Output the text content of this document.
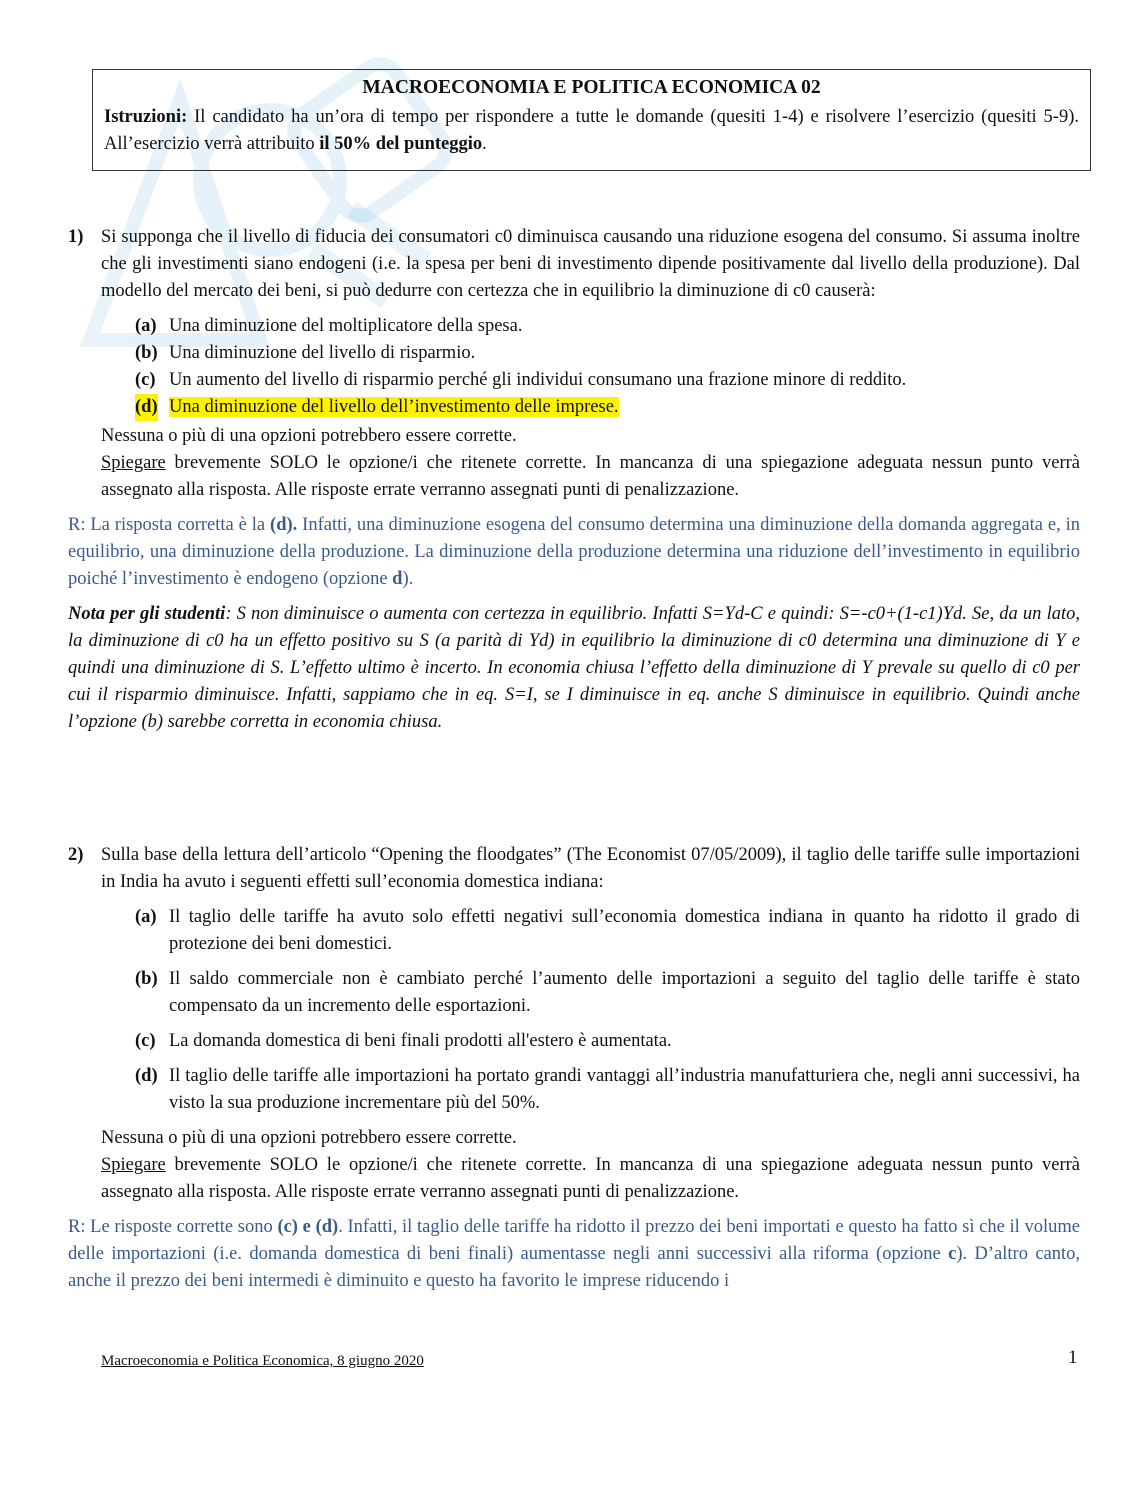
MACROECONOMIA E POLITICA ECONOMICA 02
Istruzioni: Il candidato ha un’ora di tempo per rispondere a tutte le domande (quesiti 1-4) e risolvere l’esercizio (quesiti 5-9). All’esercizio verrà attribuito il 50% del punteggio.
1) Si supponga che il livello di fiducia dei consumatori c0 diminuisca causando una riduzione esogena del consumo. Si assuma inoltre che gli investimenti siano endogeni (i.e. la spesa per beni di investimento dipende positivamente dal livello della produzione). Dal modello del mercato dei beni, si può dedurre con certezza che in equilibrio la diminuzione di c0 causerà:
(a) Una diminuzione del moltiplicatore della spesa.
(b) Una diminuzione del livello di risparmio.
(c) Un aumento del livello di risparmio perché gli individui consumano una frazione minore di reddito.
(d) Una diminuzione del livello dell’investimento delle imprese.
Nessuna o più di una opzioni potrebbero essere corrette.
Spiegare brevemente SOLO le opzione/i che ritenete corrette. In mancanza di una spiegazione adeguata nessun punto verrà assegnato alla risposta. Alle risposte errate verranno assegnati punti di penalizzazione.
R: La risposta corretta è la (d). Infatti, una diminuzione esogena del consumo determina una diminuzione della domanda aggregata e, in equilibrio, una diminuzione della produzione. La diminuzione della produzione determina una riduzione dell’investimento in equilibrio poiché l’investimento è endogeno (opzione d).
Nota per gli studenti: S non diminuisce o aumenta con certezza in equilibrio. Infatti S=Yd-C e quindi: S=-c0+(1-c1)Yd. Se, da un lato, la diminuzione di c0 ha un effetto positivo su S (a parità di Yd) in equilibrio la diminuzione di c0 determina una diminuzione di Y e quindi una diminuzione di S. L’effetto ultimo è incerto. In economia chiusa l’effetto della diminuzione di Y prevale su quello di c0 per cui il risparmio diminuisce. Infatti, sappiamo che in eq. S=I, se I diminuisce in eq. anche S diminuisce in equilibrio. Quindi anche l’opzione (b) sarebbe corretta in economia chiusa.
2) Sulla base della lettura dell’articolo “Opening the floodgates” (The Economist 07/05/2009), il taglio delle tariffe sulle importazioni in India ha avuto i seguenti effetti sull’economia domestica indiana:
(a) Il taglio delle tariffe ha avuto solo effetti negativi sull’economia domestica indiana in quanto ha ridotto il grado di protezione dei beni domestici.
(b) Il saldo commerciale non è cambiato perché l’aumento delle importazioni a seguito del taglio delle tariffe è stato compensato da un incremento delle esportazioni.
(c) La domanda domestica di beni finali prodotti all'estero è aumentata.
(d) Il taglio delle tariffe alle importazioni ha portato grandi vantaggi all’industria manufatturiera che, negli anni successivi, ha visto la sua produzione incrementare più del 50%.
Nessuna o più di una opzioni potrebbero essere corrette.
Spiegare brevemente SOLO le opzione/i che ritenete corrette. In mancanza di una spiegazione adeguata nessun punto verrà assegnato alla risposta. Alle risposte errate verranno assegnati punti di penalizzazione.
R: Le risposte corrette sono (c) e (d). Infatti, il taglio delle tariffe ha ridotto il prezzo dei beni importati e questo ha fatto sì che il volume delle importazioni (i.e. domanda domestica di beni finali) aumentasse negli anni successivi alla riforma (opzione c). D’altro canto, anche il prezzo dei beni intermedi è diminuito e questo ha favorito le imprese riducendo i
Macroeconomia e Politica Economica, 8 giugno 2020	1
